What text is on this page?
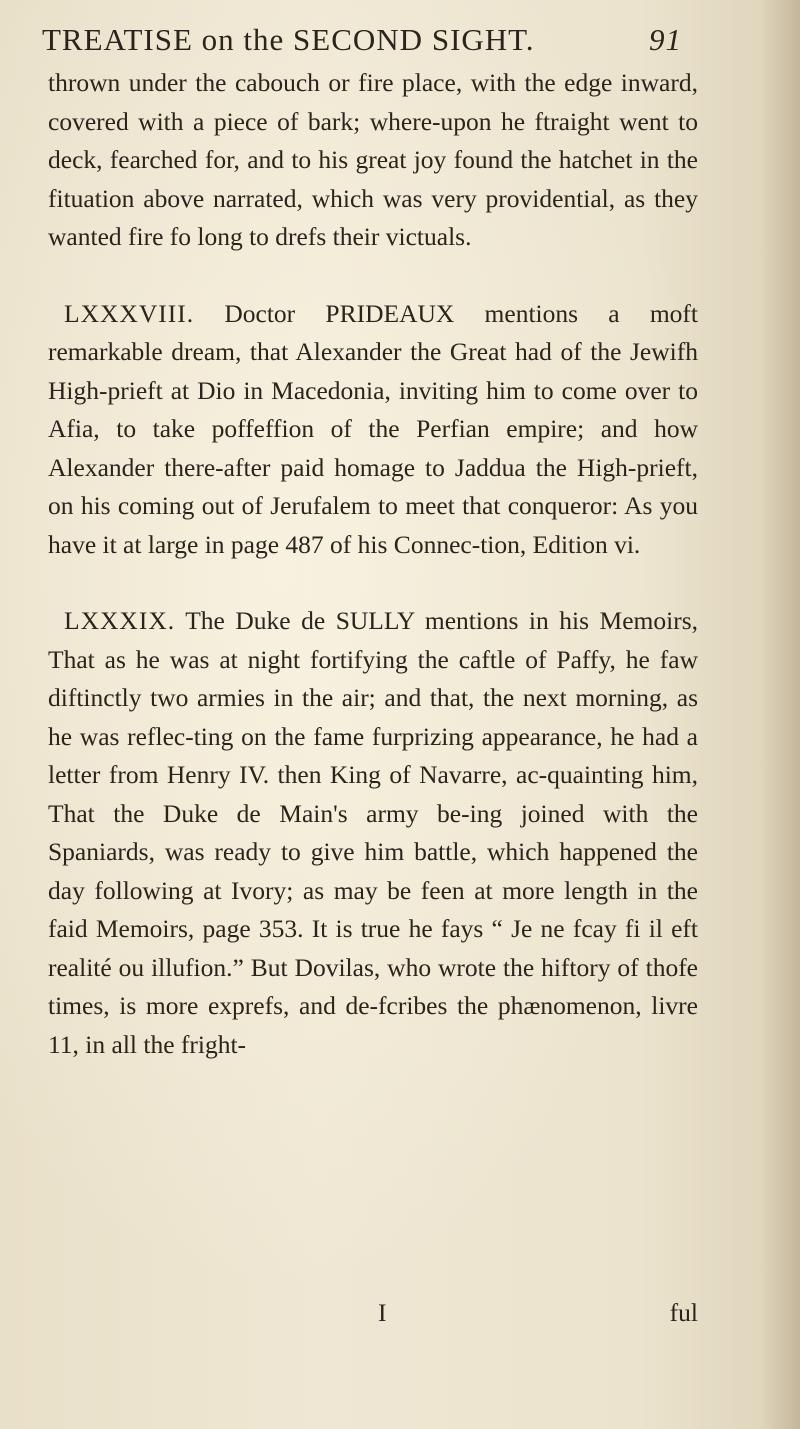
TREATISE on the SECOND SIGHT.	91

thrown under the cabouch or fire place, with the edge inward, covered with a piece of bark; where-upon he ftraight went to deck, fearched for, and to his great joy found the hatchet in the fituation above narrated, which was very providential, as they wanted fire fo long to drefs their victuals.

LXXXVIII. Doctor PRIDEAUX mentions a moft remarkable dream, that Alexander the Great had of the Jewifh High-prieft at Dio in Macedonia, inviting him to come over to Afia, to take poffeffion of the Perfian empire; and how Alexander there-after paid homage to Jaddua the High-prieft, on his coming out of Jerufalem to meet that conqueror: As you have it at large in page 487 of his Connec-tion, Edition vi.

LXXXIX. The Duke de SULLY mentions in his Memoirs, That as he was at night fortifying the caftle of Paffy, he faw diftinctly two armies in the air; and that, the next morning, as he was reflec-ting on the fame furprizing appearance, he had a letter from Henry IV. then King of Navarre, ac-quainting him, That the Duke de Main's army be-ing joined with the Spaniards, was ready to give him battle, which happened the day following at Ivory; as may be feen at more length in the faid Memoirs, page 353. It is true he fays “ Je ne fcay fi il eft realité ou illufion.” But Dovilas, who wrote the hiftory of thofe times, is more exprefs, and de-fcribes the phænomenon, livre 11, in all the fright-

I	ful
